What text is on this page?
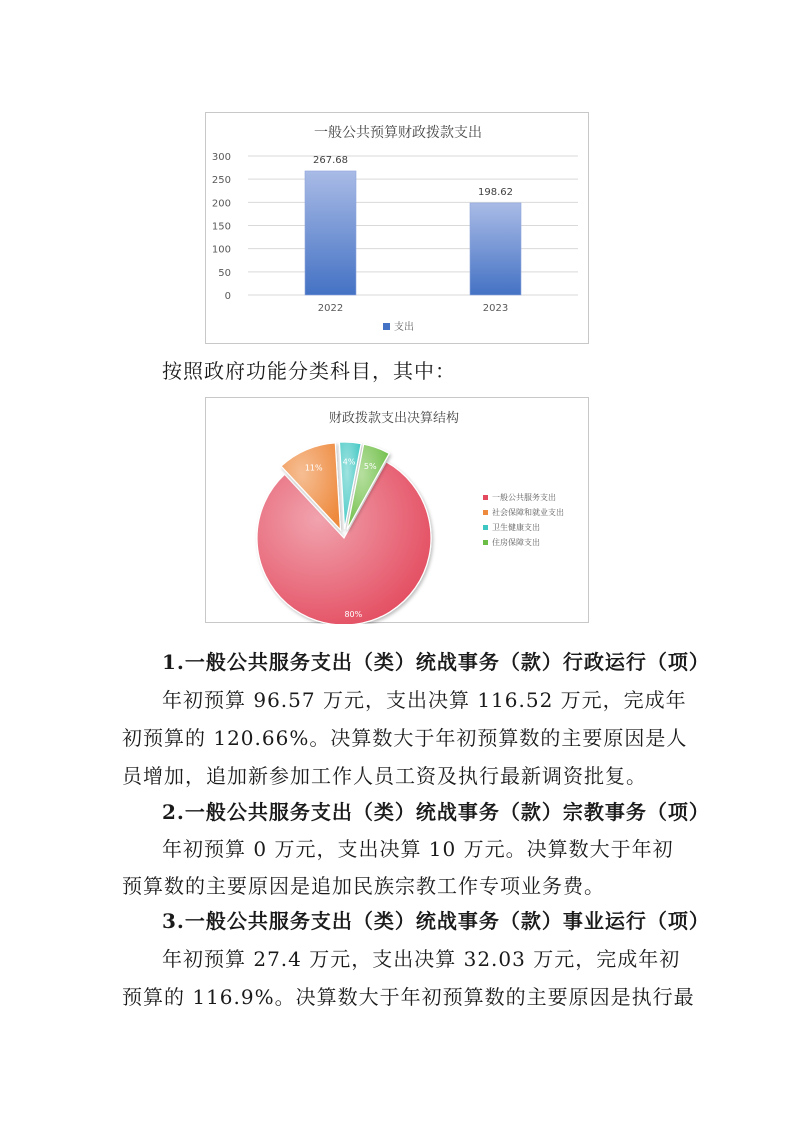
一般公共预算财政拨款支出
0
50
100
150
200
250
300	267.68
2022
198.62
2023
支出
按照政府功能分类科目，其中：
财政拨款支出决算结构
80%
11%
4% 5%
一般公共服务支出
社会保障和就业支出
卫生健康支出
住房保障支出
1.一般公共服务支出（类）统战事务（款）行政运行（项）
年初预算 96.57 万元，支出决算 116.52 万元，完成年
初预算的 120.66%。决算数大于年初预算数的主要原因是人
员增加，追加新参加工作人员工资及执行最新调资批复。
2.一般公共服务支出（类）统战事务（款）宗教事务（项）
年初预算 0 万元，支出决算 10 万元。决算数大于年初
预算数的主要原因是追加民族宗教工作专项业务费。
3.一般公共服务支出（类）统战事务（款）事业运行（项）
年初预算 27.4 万元，支出决算 32.03 万元，完成年初
预算的 116.9%。决算数大于年初预算数的主要原因是执行最
